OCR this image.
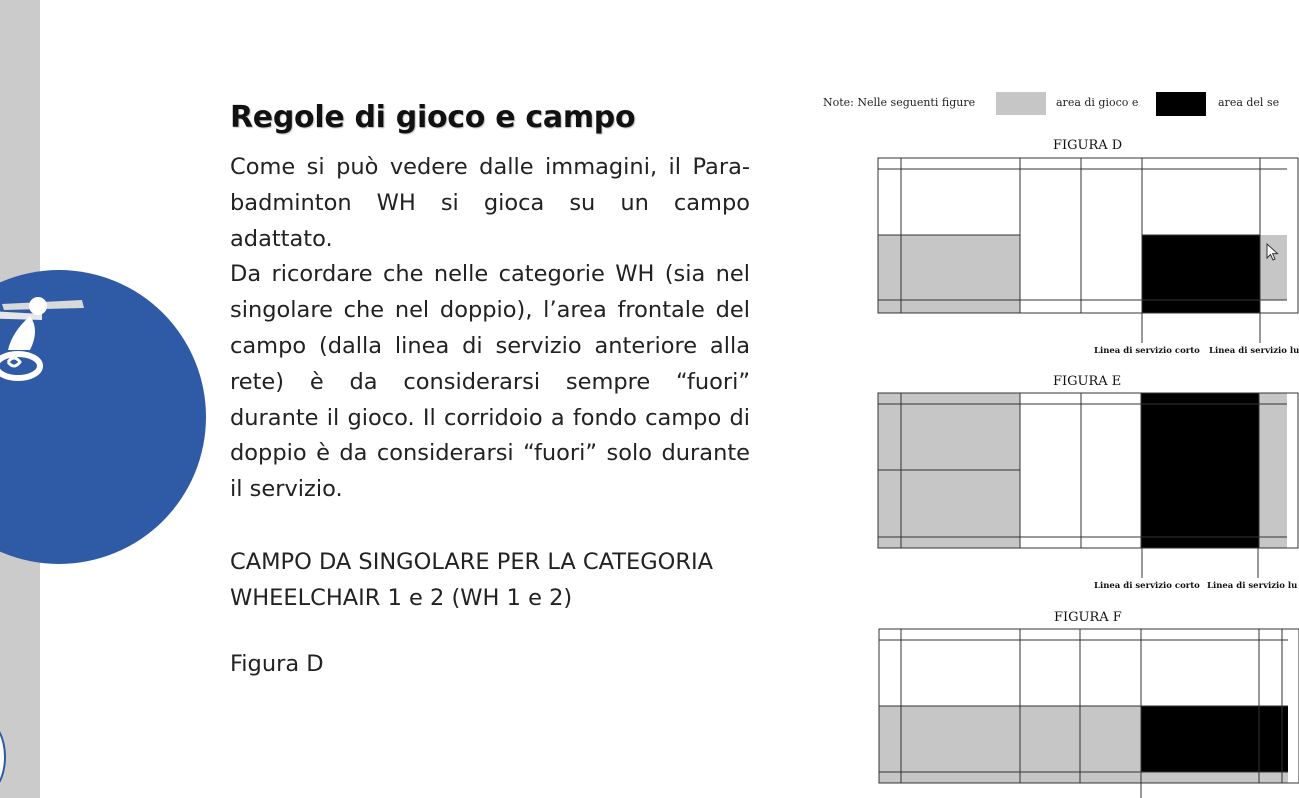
Regole di gioco e campo

Come si può vedere dalle immagini, il Para-badminton WH si gioca su un campo adattato.

Da ricordare che nelle categorie WH (sia nel singolare che nel doppio), l’area frontale del campo (dalla linea di servizio anteriore alla rete) è da considerarsi sempre “fuori” durante il gioco. Il corridoio a fondo campo di doppio è da considerarsi “fuori” solo durante il servizio.

CAMPO DA SINGOLARE PER LA CATEGORIA
WHEELCHAIR 1 e 2 (WH 1 e 2)
Figura D
Note: Nelle seguenti figure	area di gioco e	area del se
FIGURA D
Linea di servizio corto Linea di servizio lu
FIGURA E
Linea di servizio corto Linea di servizio lu
FIGURA F
